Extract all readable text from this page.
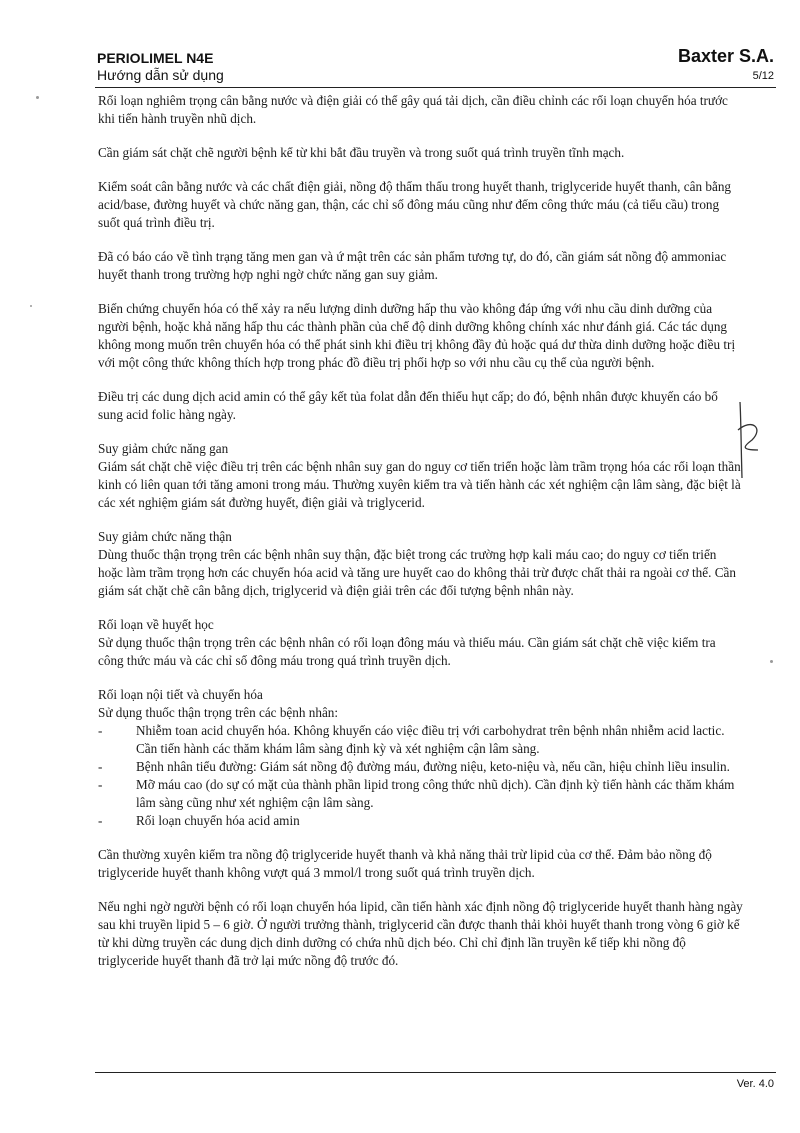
PERIOLIMEL N4E
Hướng dẫn sử dụng
Baxter S.A.
5/12

Rối loạn nghiêm trọng cân bằng nước và điện giải có thể gây quá tải dịch, cần điều chỉnh các rối loạn chuyển hóa trước khi tiến hành truyền nhũ dịch.

Cần giám sát chặt chẽ người bệnh kể từ khi bắt đầu truyền và trong suốt quá trình truyền tĩnh mạch.

Kiểm soát cân bằng nước và các chất điện giải, nồng độ thẩm thấu trong huyết thanh, triglyceride huyết thanh, cân bằng acid/base, đường huyết và chức năng gan, thận, các chỉ số đông máu cũng như đếm công thức máu (cả tiểu cầu) trong suốt quá trình điều trị.

Đã có báo cáo về tình trạng tăng men gan và ứ mật trên các sản phẩm tương tự, do đó, cần giám sát nồng độ ammoniac huyết thanh trong trường hợp nghi ngờ chức năng gan suy giảm.

Biến chứng chuyển hóa có thể xảy ra nếu lượng dinh dưỡng hấp thu vào không đáp ứng với nhu cầu dinh dưỡng của người bệnh, hoặc khả năng hấp thu các thành phần của chế độ dinh dưỡng không chính xác như đánh giá. Các tác dụng không mong muốn trên chuyển hóa có thể phát sinh khi điều trị không đầy đủ hoặc quá dư thừa dinh dưỡng hoặc điều trị với một công thức không thích hợp trong phác đồ điều trị phối hợp so với nhu cầu cụ thể của người bệnh.

Điều trị các dung dịch acid amin có thể gây kết tủa folat dẫn đến thiếu hụt cấp; do đó, bệnh nhân được khuyến cáo bổ sung acid folic hàng ngày.

Suy giảm chức năng gan
Giám sát chặt chẽ việc điều trị trên các bệnh nhân suy gan do nguy cơ tiến triển hoặc làm trầm trọng hóa các rối loạn thần kinh có liên quan tới tăng amoni trong máu. Thường xuyên kiểm tra và tiến hành các xét nghiệm cận lâm sàng, đặc biệt là các xét nghiệm giám sát đường huyết, điện giải và triglycerid.
Suy giảm chức năng thận
Dùng thuốc thận trọng trên các bệnh nhân suy thận, đặc biệt trong các trường hợp kali máu cao; do nguy cơ tiến triển hoặc làm trầm trọng hơn các chuyển hóa acid và tăng ure huyết cao do không thải trừ được chất thải ra ngoài cơ thể. Cần giám sát chặt chẽ cân bằng dịch, triglycerid và điện giải trên các đối tượng bệnh nhân này.
Rối loạn về huyết học
Sử dụng thuốc thận trọng trên các bệnh nhân có rối loạn đông máu và thiếu máu. Cần giám sát chặt chẽ việc kiểm tra công thức máu và các chỉ số đông máu trong quá trình truyền dịch.
Rối loạn nội tiết và chuyển hóa
Sử dụng thuốc thận trọng trên các bệnh nhân:
-	Nhiễm toan acid chuyển hóa. Không khuyến cáo việc điều trị với carbohydrat trên bệnh nhân nhiễm acid lactic. Cần tiến hành các thăm khám lâm sàng định kỳ và xét nghiệm cận lâm sàng.
-	Bệnh nhân tiểu đường: Giám sát nồng độ đường máu, đường niệu, keto-niệu và, nếu cần, hiệu chỉnh liều insulin.
-	Mỡ máu cao (do sự có mặt của thành phần lipid trong công thức nhũ dịch). Cần định kỳ tiến hành các thăm khám lâm sàng cũng như xét nghiệm cận lâm sàng.
-	Rối loạn chuyển hóa acid amin

Cần thường xuyên kiểm tra nồng độ triglyceride huyết thanh và khả năng thải trừ lipid của cơ thể. Đảm bảo nồng độ triglyceride huyết thanh không vượt quá 3 mmol/l trong suốt quá trình truyền dịch.

Nếu nghi ngờ người bệnh có rối loạn chuyển hóa lipid, cần tiến hành xác định nồng độ triglyceride huyết thanh hàng ngày sau khi truyền lipid 5 – 6 giờ. Ở người trưởng thành, triglycerid cần được thanh thải khỏi huyết thanh trong vòng 6 giờ kể từ khi dừng truyền các dung dịch dinh dưỡng có chứa nhũ dịch béo. Chỉ chỉ định lần truyền kế tiếp khi nồng độ triglyceride huyết thanh đã trở lại mức nồng độ trước đó.

Ver. 4.0
